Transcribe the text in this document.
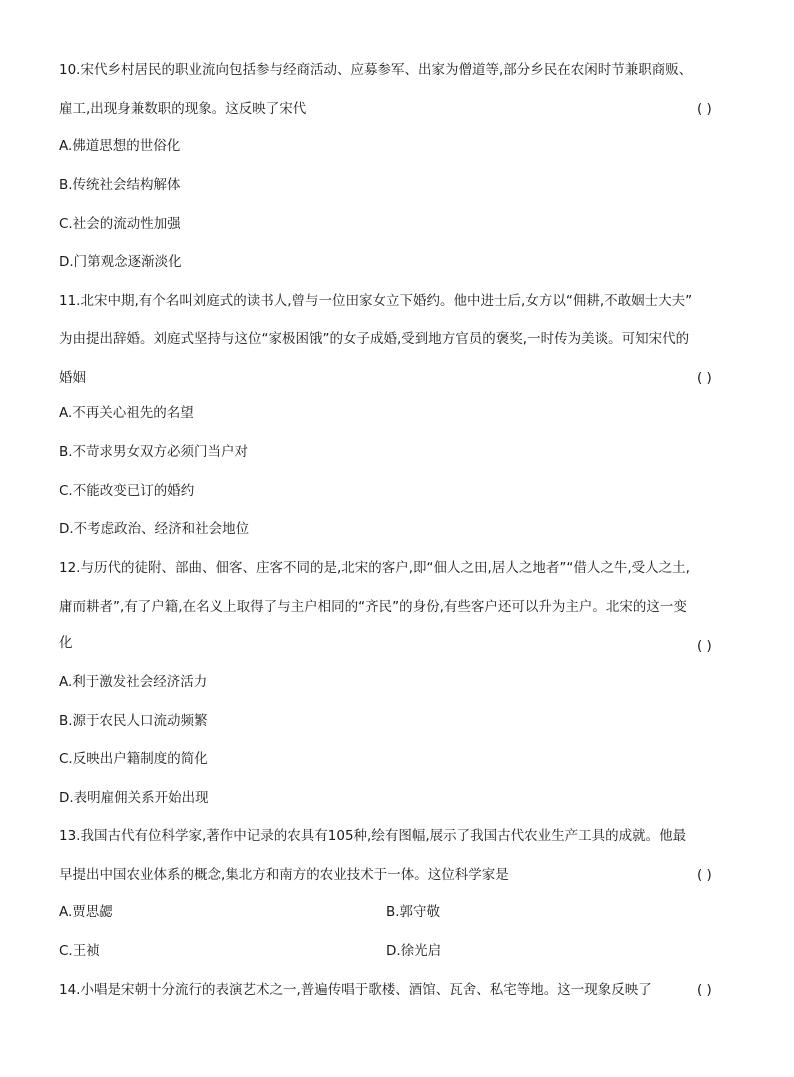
10.宋代乡村居民的职业流向包括参与经商活动、应募参军、出家为僧道等,部分乡民在农闲时节兼职商贩、
雇工,出现身兼数职的现象。这反映了宋代	( )
A.佛道思想的世俗化
B.传统社会结构解体
C.社会的流动性加强
D.门第观念逐渐淡化
11.北宋中期,有个名叫刘庭式的读书人,曾与一位田家女立下婚约。他中进士后,女方以“佣耕,不敢姻士大夫”
为由提出辞婚。刘庭式坚持与这位“家极困饿”的女子成婚,受到地方官员的褒奖,一时传为美谈。可知宋代的
婚姻	( )
A.不再关心祖先的名望
B.不苛求男女双方必须门当户对
C.不能改变已订的婚约
D.不考虑政治、经济和社会地位
12.与历代的徒附、部曲、佃客、庄客不同的是,北宋的客户,即“佃人之田,居人之地者”“借人之牛,受人之土,
庸而耕者”,有了户籍,在名义上取得了与主户相同的“齐民”的身份,有些客户还可以升为主户。北宋的这一变
化	( )
A.利于激发社会经济活力
B.源于农民人口流动频繁
C.反映出户籍制度的简化
D.表明雇佣关系开始出现
13.我国古代有位科学家,著作中记录的农具有105种,绘有图幅,展示了我国古代农业生产工具的成就。他最
早提出中国农业体系的概念,集北方和南方的农业技术于一体。这位科学家是	( )
A.贾思勰	B.郭守敬
C.王祯	D.徐光启
14.小唱是宋朝十分流行的表演艺术之一,普遍传唱于歌楼、酒馆、瓦舍、私宅等地。这一现象反映了	( )
